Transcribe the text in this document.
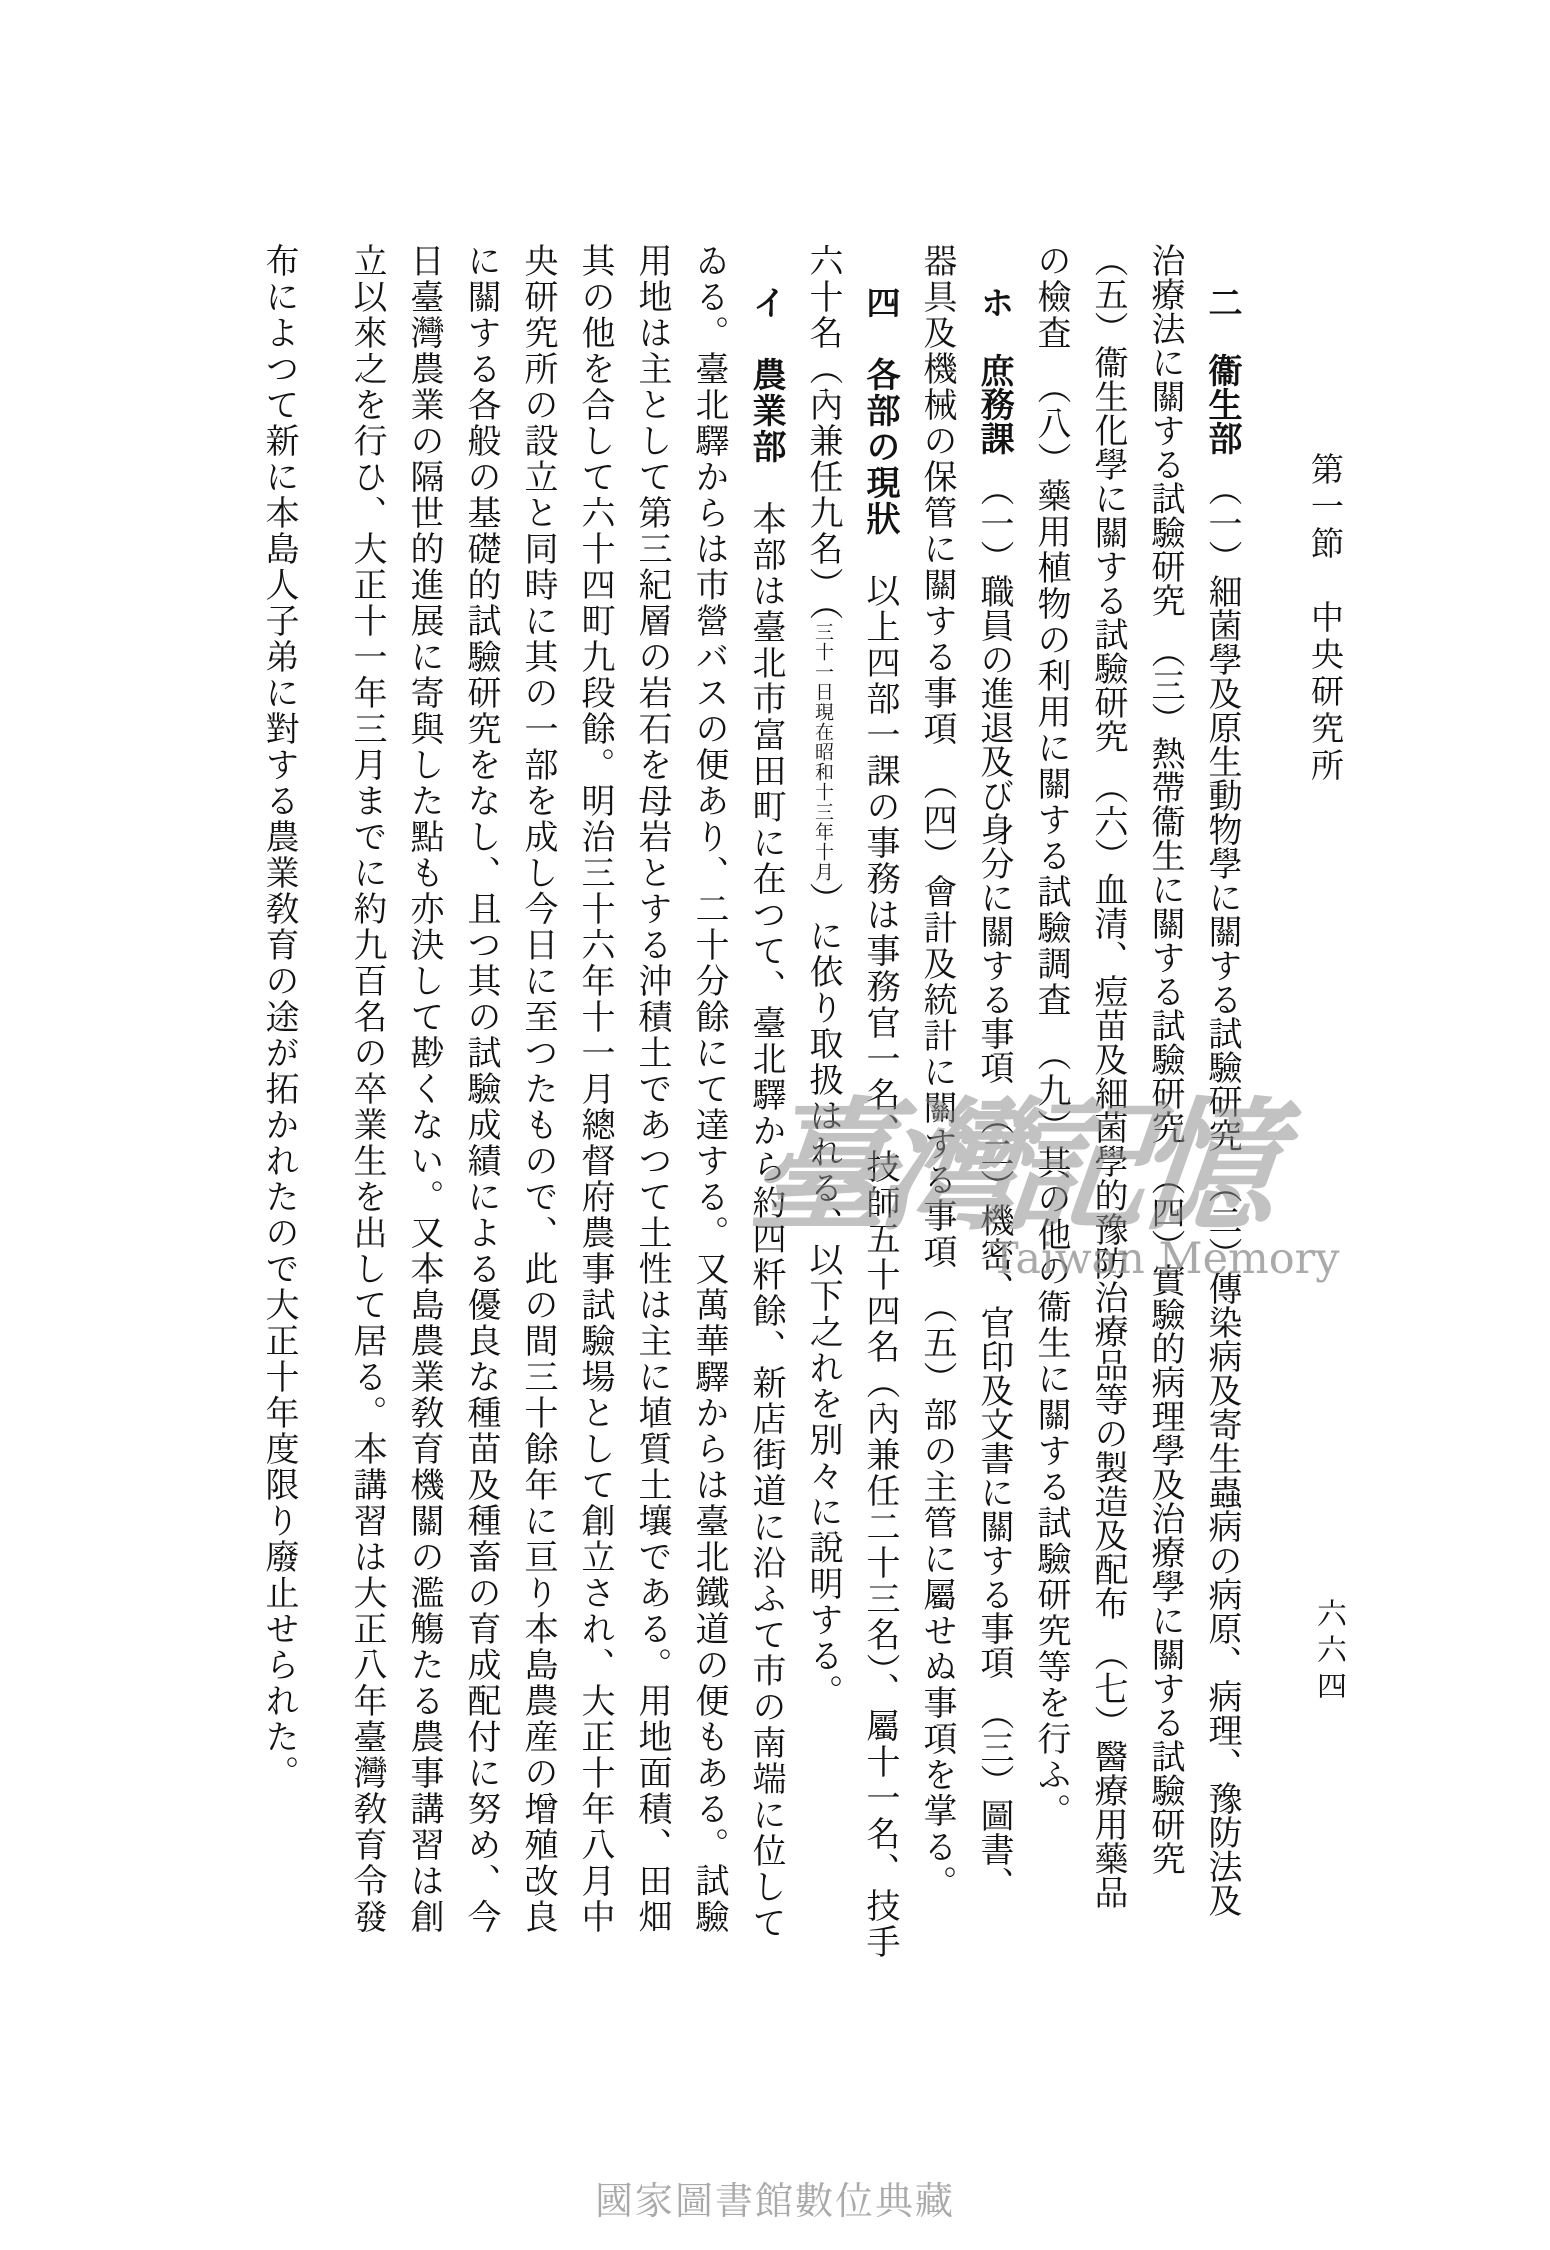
第一節　中央研究所
六六四
二　衞生部　（一）細菌學及原生動物學に關する試驗研究　（二）傳染病及寄生蟲病の病原、病理、豫防法及
治療法に關する試驗研究　（三）熱帶衞生に關する試驗研究　（四）實驗的病理學及治療學に關する試驗研究
（五）衞生化學に關する試驗研究　（六）血清、痘苗及細菌學的豫防治療品等の製造及配布　（七）醫療用藥品
の檢査　（八）藥用植物の利用に關する試驗調査　（九）其の他の衞生に關する試驗研究等を行ふ。
ホ　庶務課　（一）職員の進退及び身分に關する事項　（二）機密、官印及文書に關する事項　（三）圖書、
器具及機械の保管に關する事項　（四）會計及統計に關する事項　（五）部の主管に屬せぬ事項を掌る。
四　各部の現狀　以上四部一課の事務は事務官一名、技師五十四名（內兼任二十三名）、屬十一名、技手
六十名（內兼任九名）（
昭和十三年十月
三十一日現在
）に依り取扱はれる、以下之れを別々に說明する。
イ　農業部　本部は臺北市富田町に在つて、臺北驛から約四粁餘、新店街道に沿ふて市の南端に位して
ゐる。臺北驛からは市營バスの便あり、二十分餘にて達する。又萬華驛からは臺北鐵道の便もある。試驗
用地は主として第三紀層の岩石を母岩とする沖積土であつて土性は主に埴質土壤である。用地面積、田畑
其の他を合して六十四町九段餘。明治三十六年十一月總督府農事試驗場として創立され、大正十年八月中
央研究所の設立と同時に其の一部を成し今日に至つたもので、此の間三十餘年に亘り本島農産の增殖改良
に關する各般の基礎的試驗研究をなし、且つ其の試驗成績による優良な種苗及種畜の育成配付に努め、今
日臺灣農業の隔世的進展に寄與した點も亦決して尠くない。又本島農業敎育機關の濫觴たる農事講習は創
立以來之を行ひ、大正十一年三月までに約九百名の卒業生を出して居る。本講習は大正八年臺灣敎育令發
布によつて新に本島人子弟に對する農業敎育の途が拓かれたので大正十年度限り廢止せられた。	臺灣記憶
Taiwan Memory
國家圖書館數位典藏
